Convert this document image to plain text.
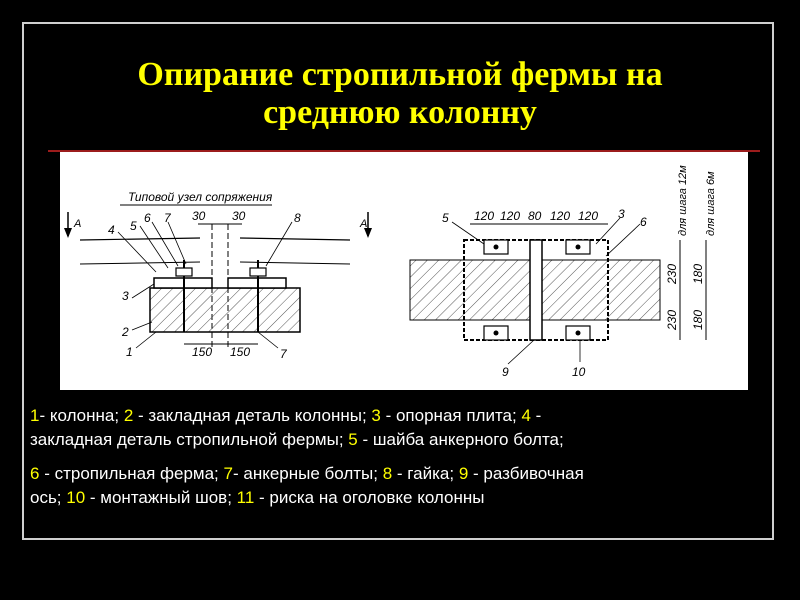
Опирание стропильной фермы на
среднюю колонну
Типовой узел сопряжения
А
30 30
150 150
4 5
6 7	8
3
2
1	7
А
120 120 80 120 120
5	3
6
9	10
230 180
230 180
для шага 12м для шага 6м
1- колонна; 2 - закладная деталь колонны; 3 - опорная плита; 4 -
закладная деталь стропильной фермы; 5 - шайба анкерного болта;
6 - стропильная ферма; 7- анкерные болты; 8 - гайка; 9 - разбивочная
ось; 10 - монтажный шов; 11 - риска на оголовке колонны
